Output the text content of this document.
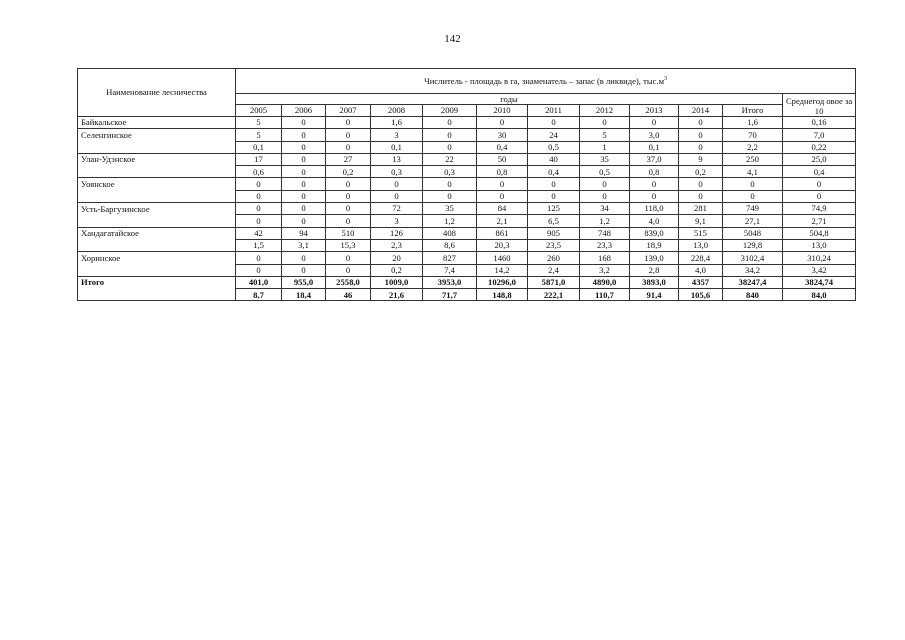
142
Наименование лесничества	Числитель - площадь в га, знаменатель – запас (в ликвиде), $тыс.м^3$
	годы											Среднегод овое за 10
	2005	2006	2007	2008	2009	2010	2011	2012	2013	2014	Итого	
Байкальское	5	0	0	1,6	0	0	0	0	0	0	1,6	0,16
Селенгинское	5	0	0	3	0	30	24	5	3,0	0	70	7,0
	0,1	0	0	0,1	0	0,4	0,5	1	0,1	0	2,2	0,22
Улан-Удэнское	17	0	27	13	22	50	40	35	37,0	9	250	25,0
	0,6	0	0,2	0,3	0,3	0,8	0,4	0,5	0,8	0,2	4,1	0,4
Уоянское	0	0	0	0	0	0	0	0	0	0	0	0
	0	0	0	0	0	0	0	0	0	0	0	0
Усть-Баргузинское	0	0	0	72	35	84	125	34	118,0	281	749	74,9
	0	0	0	3	1,2	2,1	6,5	1,2	4,0	9,1	27,1	2,71
Хандагатайское	42	94	510	126	408	861	905	748	839,0	515	5048	504,8
	1,5	3,1	15,3	2,3	8,6	20,3	23,5	23,3	18,9	13,0	129,8	13,0
Хоринское	0	0	0	20	827	1460	260	168	139,0	228,4	3102,4	310,24
	0	0	0	0,2	7,4	14,2	2,4	3,2	2,8	4,0	34,2	3,42
Итого	401,0	955,0	2558,0	1009,0	3953,0	10296,0	5871,0	4890,0	3893,0	4357	38247,4	3824,74
	8,7	18,4	46	21,6	71,7	148,8	222,1	110,7	91,4	105,6	840	84,0
